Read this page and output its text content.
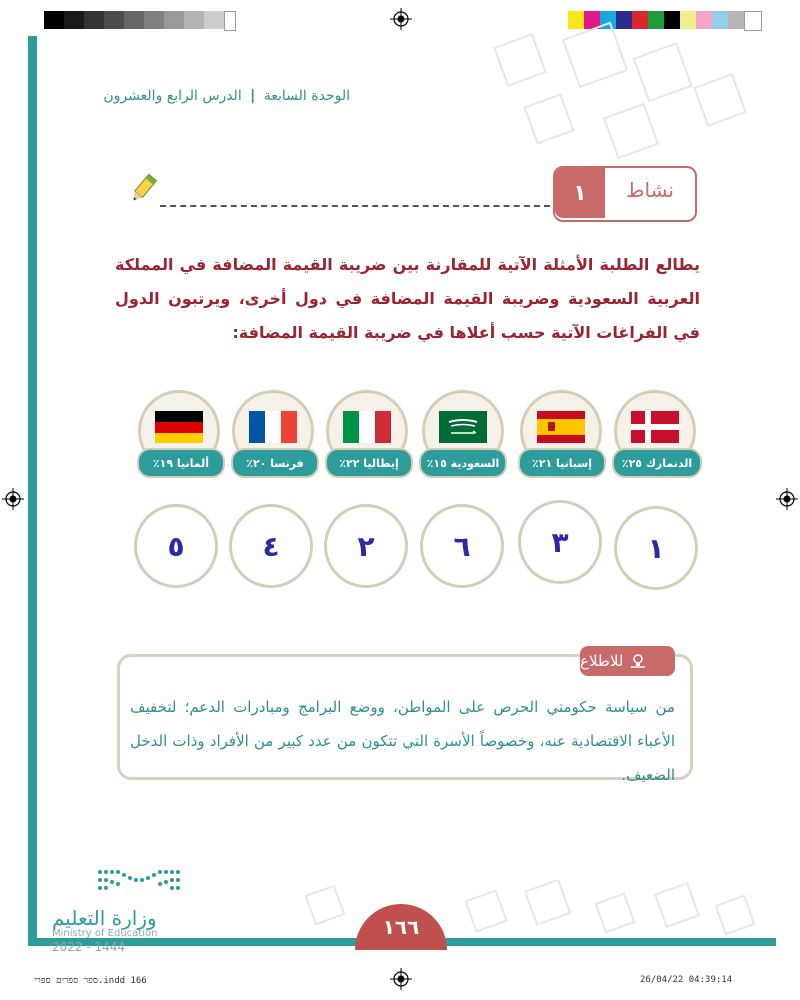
الوحدة السابعة | الدرس الرابع والعشرون
١	نشاط
يطالع الطلبة الأمثلة الآتية للمقارنة بين ضريبة القيمة المضافة في المملكة العربية السعودية وضريبة القيمة المضافة في دول أخرى، ويرتبون الدول في الفراغات الآتية حسب أعلاها في ضريبة القيمة المضافة:
ألمانيا ١٩٪	فرنسا ٢٠٪	إيطاليا ٢٢٪	السعودية ١٥٪	إسبانيا ٢١٪	الدنمارك ٢٥٪
٥	٤	٢	٦	٣	١
للاطلاع
من سياسة حكومتي الحرص على المواطن، ووضع البرامج ومبادرات الدعم؛ لتخفيف الأعباء الاقتصادية عنه، وخصوصاً الأسرة التي تتكون من عدد كبير من الأفراد وذات الدخل الضعيف.
١٦٦
وزارة التعليم
Ministry of Education
2022 - 1444
ספר ספרים ספרי.indd 166	26/04/22 04:39:14
